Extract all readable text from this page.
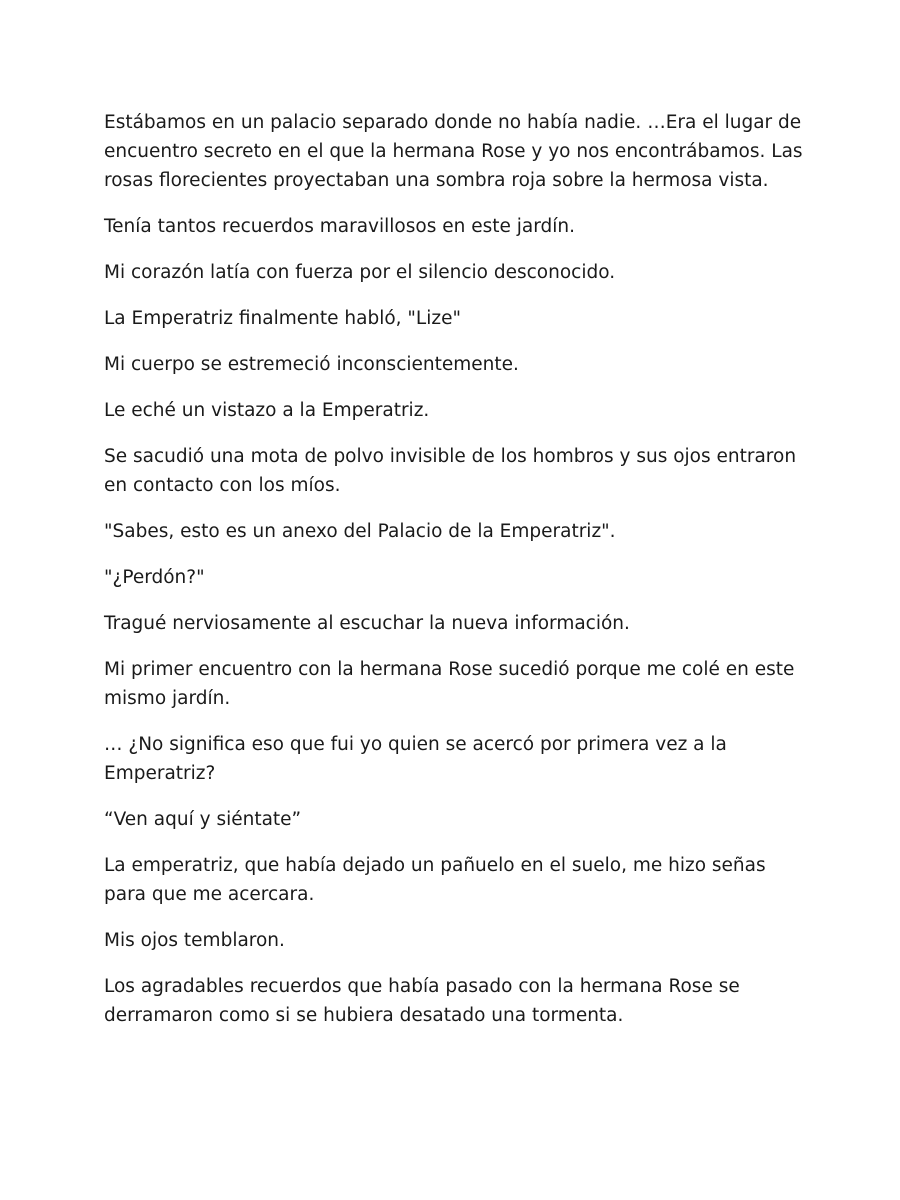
Estábamos en un palacio separado donde no había nadie. …Era el lugar de encuentro secreto en el que la hermana Rose y yo nos encontrábamos. Las rosas florecientes proyectaban una sombra roja sobre la hermosa vista.

Tenía tantos recuerdos maravillosos en este jardín.

Mi corazón latía con fuerza por el silencio desconocido.

La Emperatriz finalmente habló, "Lize"

Mi cuerpo se estremeció inconscientemente.

Le eché un vistazo a la Emperatriz.

Se sacudió una mota de polvo invisible de los hombros y sus ojos entraron en contacto con los míos.

"Sabes, esto es un anexo del Palacio de la Emperatriz".

"¿Perdón?"

Tragué nerviosamente al escuchar la nueva información.

Mi primer encuentro con la hermana Rose sucedió porque me colé en este mismo jardín.

… ¿No significa eso que fui yo quien se acercó por primera vez a la Emperatriz?

“Ven aquí y siéntate”

La emperatriz, que había dejado un pañuelo en el suelo, me hizo señas para que me acercara.

Mis ojos temblaron.

Los agradables recuerdos que había pasado con la hermana Rose se derramaron como si se hubiera desatado una tormenta.
